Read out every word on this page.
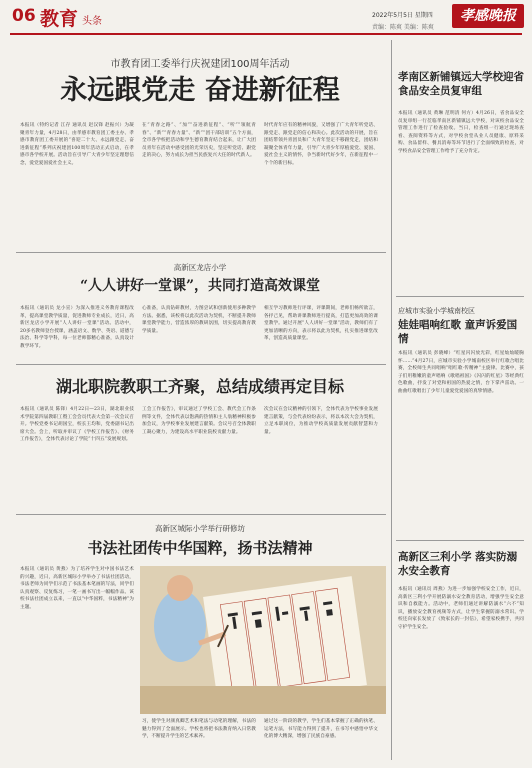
06 教育 头条
2022年5月5日 星期四
责编：陈爽 美编：陈爽
孝感晚报
市教育团工委举行庆祝建团100周年活动
永远跟党走 奋进新征程
本报讯（特约记者 江存 通讯员 赵汉锋 赵振兴）为凝聚青年力量，4月28日，由孝感市教育团工委主办、孝感市教育团工委开展的“喜迎二十大、永远跟党走、奋进新征程”系列庆祝建团100周年活动正式启动，在孝感市各学校开展。活动旨在引导广大青少年坚定理想信念，爱党爱国爱社会主义。
在“青春之路”、“加”“奋进新征程”、“听”“领航青春”、“新”“青春力量”、“新”“团干部培训”五个方面，全市各学校把活动和学生德育教育结合起来，让广大团员青年在活动中感受团的光荣历史，坚定听党话、跟党走的决心，努力成长为担当民族复兴大任的时代新人。
时代青年应有的精神风貌，又增强了广大青年听党话、跟党走、跟党走的信心和决心。此次活动的开展，旨在团结带领共青团员和广大青年坚定不移跟党走，团结和凝聚全体青年力量，引导广大青少年厚植爱党、爱国、爱社会主义的情怀，争当新时代好少年，在新征程中一个个的新目标。
高新区龙店小学
“人人讲好一堂课”，共同打造高效课堂
本报讯（通讯员 龙小宣）为深入推进义务教育课程改革，提高课堂教学质量，促进教师专业成长，近日，高新区龙店小学开展“人人讲好一堂课”活动。活动中，20多名教师登台授课，涵盖语文、数学、英语、道德与法治、科学等学科，每一位老师都精心准备，认真设计教学环节。
心准备，认真钻研教材，力图尝试和创新使用多种教学方法。据悉，该校将以此次活动为契机，不断提升教师课堂教学能力，营造浓厚的教研氛围，切实提高教育教学质量。
相互学习教师进行评课，评课期间，老师们畅所欲言，各抒己见，帮助讲课教师进行提高，打造更加高效的课堂教学。通过开展“人人讲好一堂课”活动，教师们有了更加清晰的方向，表示将以此为契机，扎实推进课堂改革，创造高质量课堂。
湖北职院教职工齐聚，总结成绩再定目标
本报讯（通讯员 陈锋）4月22日—23日，湖北职业技术学院第四届教职工暨工会会员代表大会第一次会议召开。学校党委书记胡国宝，校长王均和，党委副书记出席大会。会上，听取并审议了《学校工作报告》、《财务工作报告》，全体代表讨论了学院“十四五”发展规划。
工会工作报告》，审议通过了学校工会、教代会工作条例等文件，全体代表以饱满的热情和主人翁精神积极参加会议，为学校事业发展建言献策。会议号召全体教职工凝心聚力，为建设高水平职业院校贡献力量。
次会议在会议精神的引领下，全体代表为学校事业发展建言献策，与会代表纷纷表示，将以本次大会为契机，立足本职岗位，为推动学校高质量发展贡献智慧和力量。
高新区城际小学举行研修坊
书法社团传中华国粹，扬书法精神
本报讯（通讯员 黄燕）为了培养学生对中国书法艺术的兴趣，近日，高新区城际小学举办了书法社团活动，书法老师为同学们示范了书法基本笔画的写法，同学们认真观察、反复练习，一笔一画书写出一幅幅作品。该校书法社团成立以来，一直以“中华国粹，书法精神”为主题。
习，使学生对颜真卿艺术和笔法与动笔的理解，书法的魅力得到了全面展示。学校也将把书法教育纳入日常教学，不断提升学生的艺术素养。
通过这一阶段的教学，学生们基本掌握了正确的执笔、运笔方法，书写能力得到了提升，在书写中感悟中华文化的博大精深，增强了民族自豪感。
孝南区新铺镇远大学校迎省食品安全员复审组
本报讯（通讯员 黄琳 范明清 何方）4月26日，省食品安全员复审组一行莅临孝南区新铺镇远大学校，对该校食品安全管理工作进行了检查验收。当日，检查组一行通过现场查看、查阅资料等方式，对学校食堂从业人员健康、原料采购、食品留样、餐具消毒等环节进行了全面细致的检查，对学校食品安全管理工作给予了充分肯定。
应城市实验小学城南校区
娃娃唱响红歌 童声诉爱国情
本报讯（通讯员 彭晓峰）“红星闪闪放光彩，红星灿灿暖胸怀……”4月27日，应城市实验小学城南校区举行红歌合唱比赛，全校师生共同唱响“唱红歌·传精神”主旋律。比赛中，孩子们用稚嫩的童声唱响《歌唱祖国》《闪闪的红星》等经典红色歌曲，抒发了对党和祖国的热爱之情，台下掌声雷动。一曲曲红歌唱出了少年儿童爱党爱国的真挚情感。
高新区三利小学 落实防溺水安全教育
本报讯（通讯员 周燕）为进一步加强学校安全工作，近日，高新区三利小学开展防溺水安全教育活动，增强学生安全意识和自救能力。活动中，老师们通过讲解防溺水“六不”知识，播放安全教育视频等方式，让学生掌握防溺水常识。学校还向家长发放了《致家长的一封信》，希望家校携手，共同守护学生安全。
